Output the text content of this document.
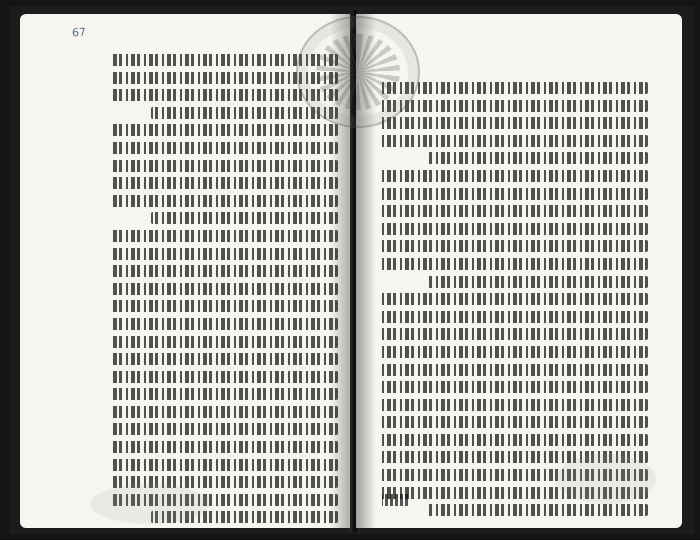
67
